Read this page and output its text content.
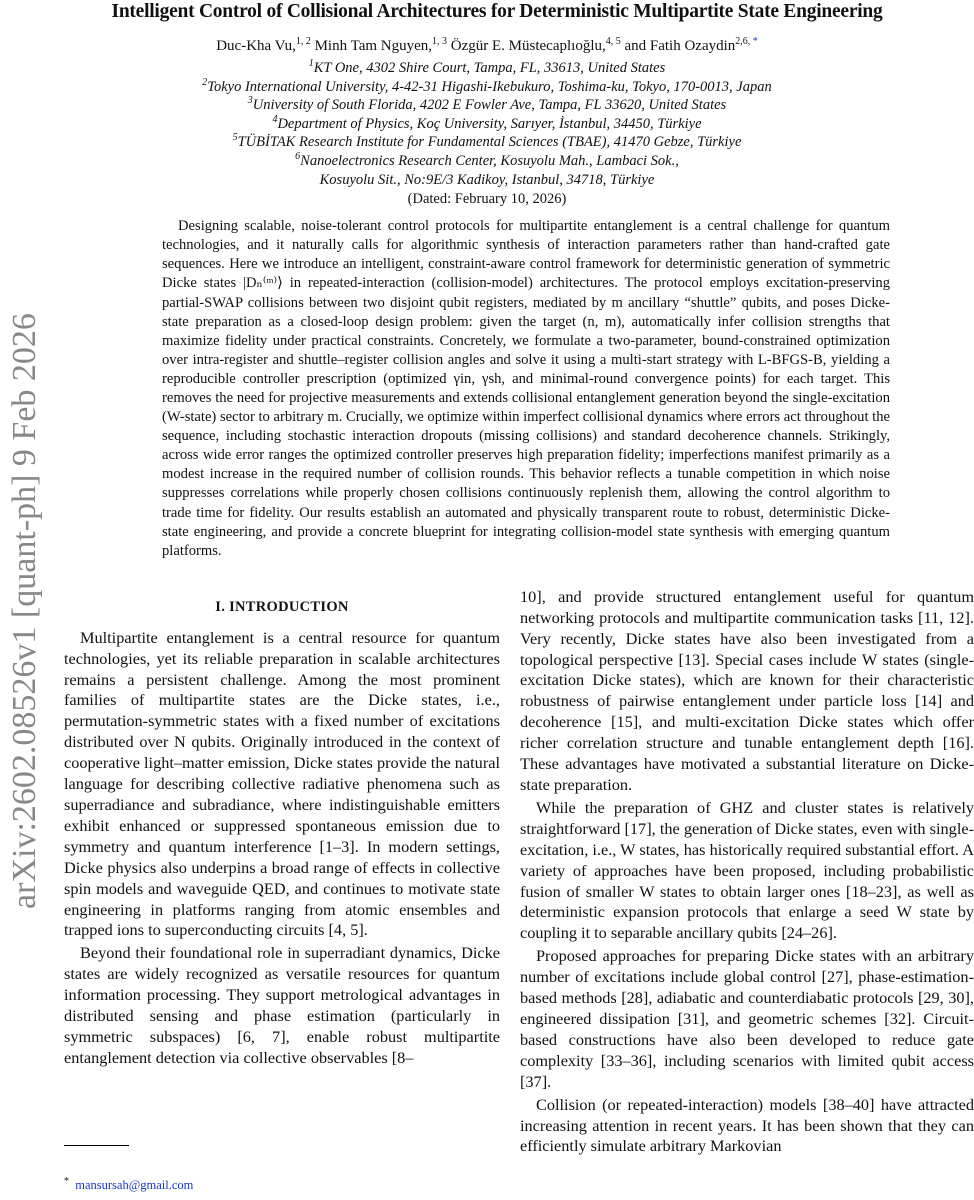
arXiv:2602.08526v1 [quant-ph] 9 Feb 2026
Intelligent Control of Collisional Architectures for Deterministic Multipartite State Engineering
Duc-Kha Vu,$^{1, 2}$ Minh Tam Nguyen,$^{1, 3}$ Özgür E. Müstecaplıoğlu,$^{4, 5}$ and Fatih Ozaydin$^{2,6,}$ *
$^1$KT One, 4302 Shire Court, Tampa, FL, 33613, United States
$^2$Tokyo International University, 4-42-31 Higashi-Ikebukuro, Toshima-ku, Tokyo, 170-0013, Japan
$^3$University of South Florida, 4202 E Fowler Ave, Tampa, FL 33620, United States
$^4$Department of Physics, Koç University, Sarıyer, İstanbul, 34450, Türkiye
$^5$TÜBİTAK Research Institute for Fundamental Sciences (TBAE), 41470 Gebze, Türkiye
$^6$Nanoelectronics Research Center, Kosuyolu Mah., Lambaci Sok.,
Kosuyolu Sit., No:9E/3 Kadikoy, Istanbul, 34718, Türkiye
(Dated: February 10, 2026)
Designing scalable, noise-tolerant control protocols for multipartite entanglement is a central challenge for quantum technologies, and it naturally calls for algorithmic synthesis of interaction parameters rather than hand-crafted gate sequences. Here we introduce an intelligent, constraint-aware control framework for deterministic generation of symmetric Dicke states |Dₙ⁽ᵐ⁾⟩ in repeated-interaction (collision-model) architectures. The protocol employs excitation-preserving partial-SWAP collisions between two disjoint qubit registers, mediated by m ancillary “shuttle” qubits, and poses Dicke-state preparation as a closed-loop design problem: given the target (n, m), automatically infer collision strengths that maximize fidelity under practical constraints. Concretely, we formulate a two-parameter, bound-constrained optimization over intra-register and shuttle–register collision angles and solve it using a multi-start strategy with L-BFGS-B, yielding a reproducible controller prescription (optimized γin, γsh, and minimal-round convergence points) for each target. This removes the need for projective measurements and extends collisional entanglement generation beyond the single-excitation (W-state) sector to arbitrary m. Crucially, we optimize within imperfect collisional dynamics where errors act throughout the sequence, including stochastic interaction dropouts (missing collisions) and standard decoherence channels. Strikingly, across wide error ranges the optimized controller preserves high preparation fidelity; imperfections manifest primarily as a modest increase in the required number of collision rounds. This behavior reflects a tunable competition in which noise suppresses correlations while properly chosen collisions continuously replenish them, allowing the control algorithm to trade time for fidelity. Our results establish an automated and physically transparent route to robust, deterministic Dicke-state engineering, and provide a concrete blueprint for integrating collision-model state synthesis with emerging quantum platforms.

I. INTRODUCTION

Multipartite entanglement is a central resource for quantum technologies, yet its reliable preparation in scalable architectures remains a persistent challenge. Among the most prominent families of multipartite states are the Dicke states, i.e., permutation-symmetric states with a fixed number of excitations distributed over N qubits. Originally introduced in the context of cooperative light–matter emission, Dicke states provide the natural language for describing collective radiative phenomena such as superradiance and subradiance, where indistinguishable emitters exhibit enhanced or suppressed spontaneous emission due to symmetry and quantum interference [1–3]. In modern settings, Dicke physics also underpins a broad range of effects in collective spin models and waveguide QED, and continues to motivate state engineering in platforms ranging from atomic ensembles and trapped ions to superconducting circuits [4, 5].

Beyond their foundational role in superradiant dynamics, Dicke states are widely recognized as versatile resources for quantum information processing. They support metrological advantages in distributed sensing and phase estimation (particularly in symmetric subspaces) [6, 7], enable robust multipartite entanglement detection via collective observables [8–

10], and provide structured entanglement useful for quantum networking protocols and multipartite communication tasks [11, 12]. Very recently, Dicke states have also been investigated from a topological perspective [13]. Special cases include W states (single-excitation Dicke states), which are known for their characteristic robustness of pairwise entanglement under particle loss [14] and decoherence [15], and multi-excitation Dicke states which offer richer correlation structure and tunable entanglement depth [16]. These advantages have motivated a substantial literature on Dicke-state preparation.

While the preparation of GHZ and cluster states is relatively straightforward [17], the generation of Dicke states, even with single-excitation, i.e., W states, has historically required substantial effort. A variety of approaches have been proposed, including probabilistic fusion of smaller W states to obtain larger ones [18–23], as well as deterministic expansion protocols that enlarge a seed W state by coupling it to separable ancillary qubits [24–26].

Proposed approaches for preparing Dicke states with an arbitrary number of excitations include global control [27], phase-estimation-based methods [28], adiabatic and counterdiabatic protocols [29, 30], engineered dissipation [31], and geometric schemes [32]. Circuit-based constructions have also been developed to reduce gate complexity [33–36], including scenarios with limited qubit access [37].

Collision (or repeated-interaction) models [38–40] have attracted increasing attention in recent years. It has been shown that they can efficiently simulate arbitrary Markovian

* mansursah@gmail.com
